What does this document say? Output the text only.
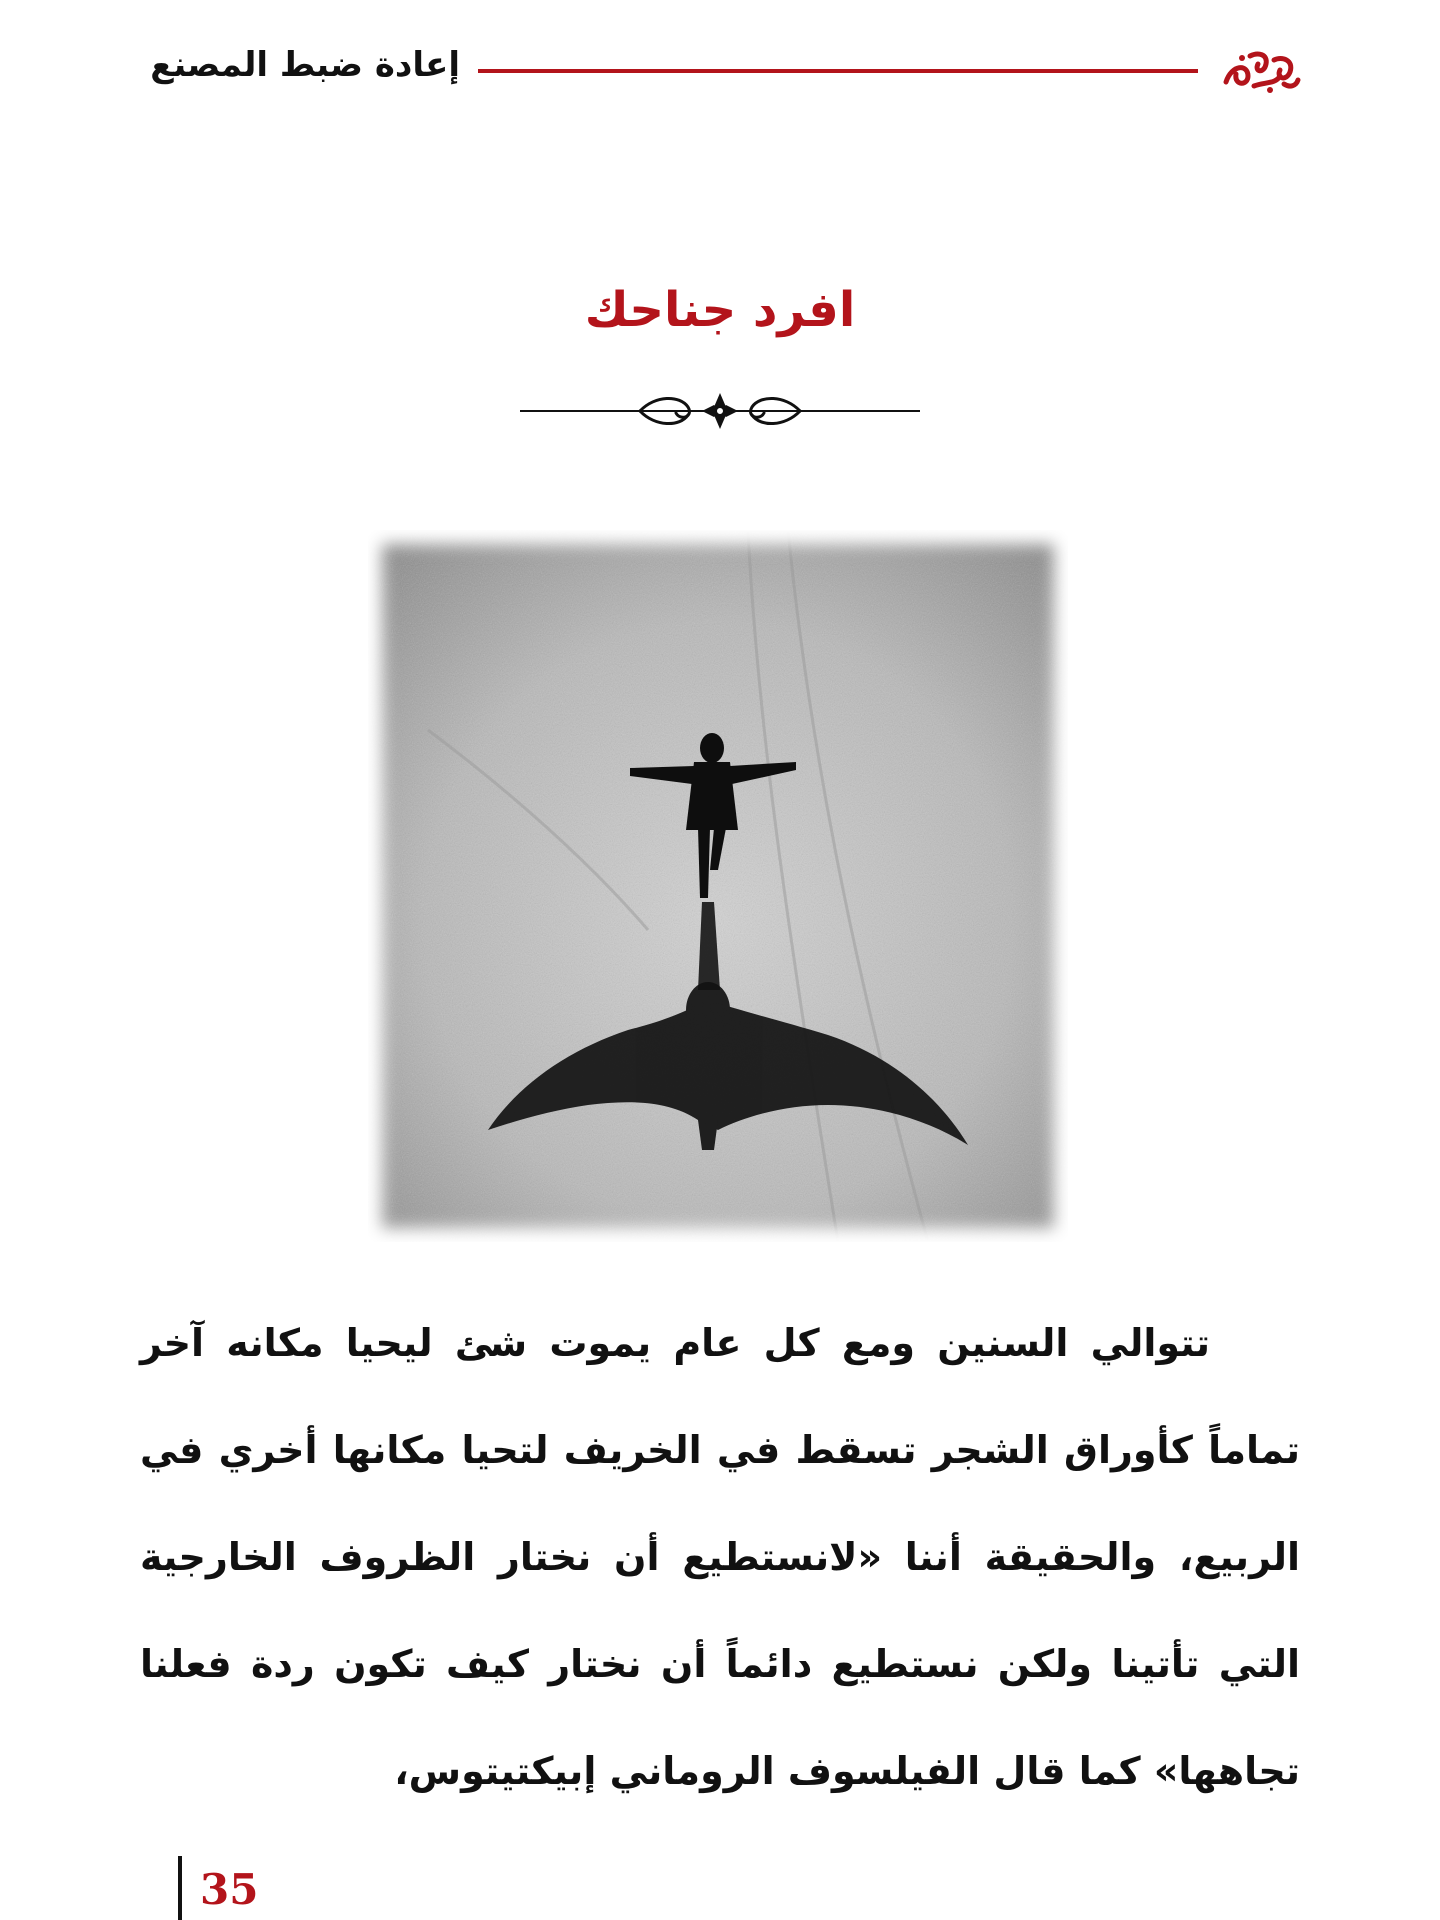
إعادة ضبط المصنع
افرد جناحك

تتوالي السنين ومع كل عام يموت شئ ليحيا مكانه آخر تماماً كأوراق الشجر تسقط في الخريف لتحيا مكانها أخري في الربيع، والحقيقة أننا «لانستطيع أن نختار الظروف الخارجية التي تأتينا ولكن نستطيع دائماً أن نختار كيف تكون ردة فعلنا تجاهها» كما قال الفيلسوف الروماني إبيكتيتوس،

35
